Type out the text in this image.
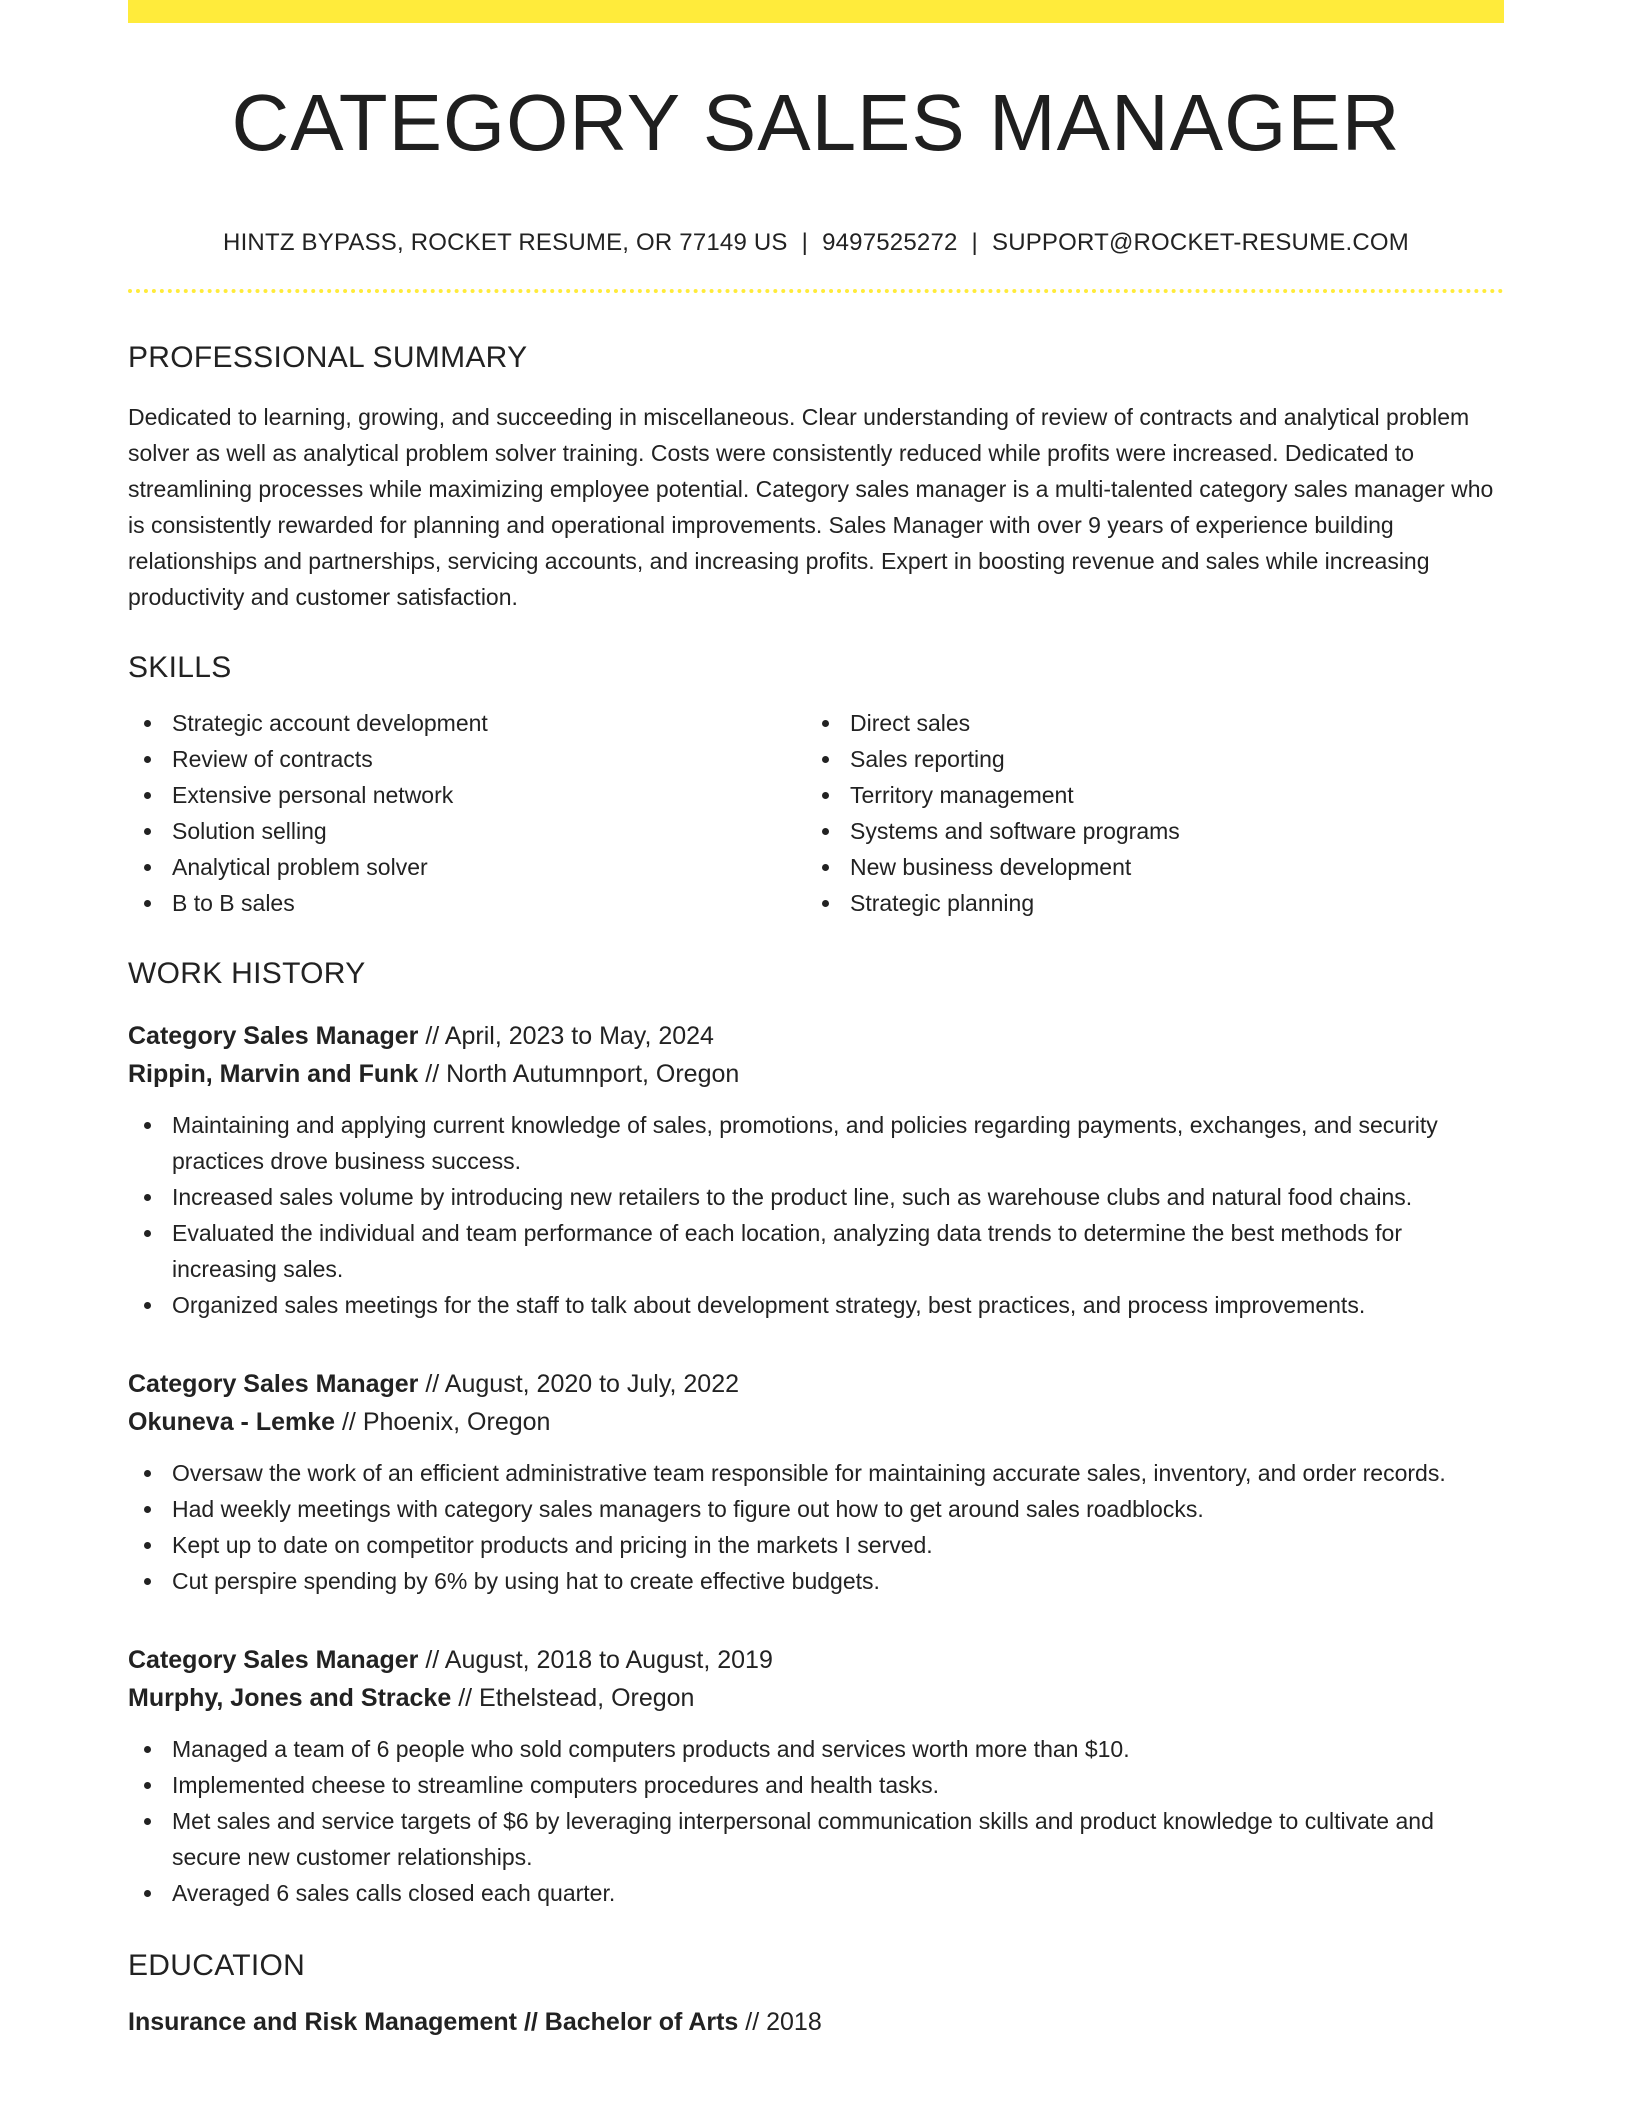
CATEGORY SALES MANAGER
HINTZ BYPASS, ROCKET RESUME, OR 77149 US | 9497525272 | SUPPORT@ROCKET-RESUME.COM
PROFESSIONAL SUMMARY

Dedicated to learning, growing, and succeeding in miscellaneous. Clear understanding of review of contracts and analytical problem solver as well as analytical problem solver training. Costs were consistently reduced while profits were increased. Dedicated to streamlining processes while maximizing employee potential. Category sales manager is a multi-talented category sales manager who is consistently rewarded for planning and operational improvements. Sales Manager with over 9 years of experience building relationships and partnerships, servicing accounts, and increasing profits. Expert in boosting revenue and sales while increasing productivity and customer satisfaction.

SKILLS
Strategic account development
Review of contracts
Extensive personal network
Solution selling
Analytical problem solver
B to B sales
Direct sales
Sales reporting
Territory management
Systems and software programs
New business development
Strategic planning
WORK HISTORY
Category Sales Manager // April, 2023 to May, 2024
Rippin, Marvin and Funk // North Autumnport, Oregon
Maintaining and applying current knowledge of sales, promotions, and policies regarding payments, exchanges, and security practices drove business success.
Increased sales volume by introducing new retailers to the product line, such as warehouse clubs and natural food chains.
Evaluated the individual and team performance of each location, analyzing data trends to determine the best methods for increasing sales.
Organized sales meetings for the staff to talk about development strategy, best practices, and process improvements.
Category Sales Manager // August, 2020 to July, 2022
Okuneva - Lemke // Phoenix, Oregon
Oversaw the work of an efficient administrative team responsible for maintaining accurate sales, inventory, and order records.
Had weekly meetings with category sales managers to figure out how to get around sales roadblocks.
Kept up to date on competitor products and pricing in the markets I served.
Cut perspire spending by 6% by using hat to create effective budgets.
Category Sales Manager // August, 2018 to August, 2019
Murphy, Jones and Stracke // Ethelstead, Oregon
Managed a team of 6 people who sold computers products and services worth more than $10.
Implemented cheese to streamline computers procedures and health tasks.
Met sales and service targets of $6 by leveraging interpersonal communication skills and product knowledge to cultivate and secure new customer relationships.
Averaged 6 sales calls closed each quarter.
EDUCATION
Insurance and Risk Management // Bachelor of Arts // 2018
